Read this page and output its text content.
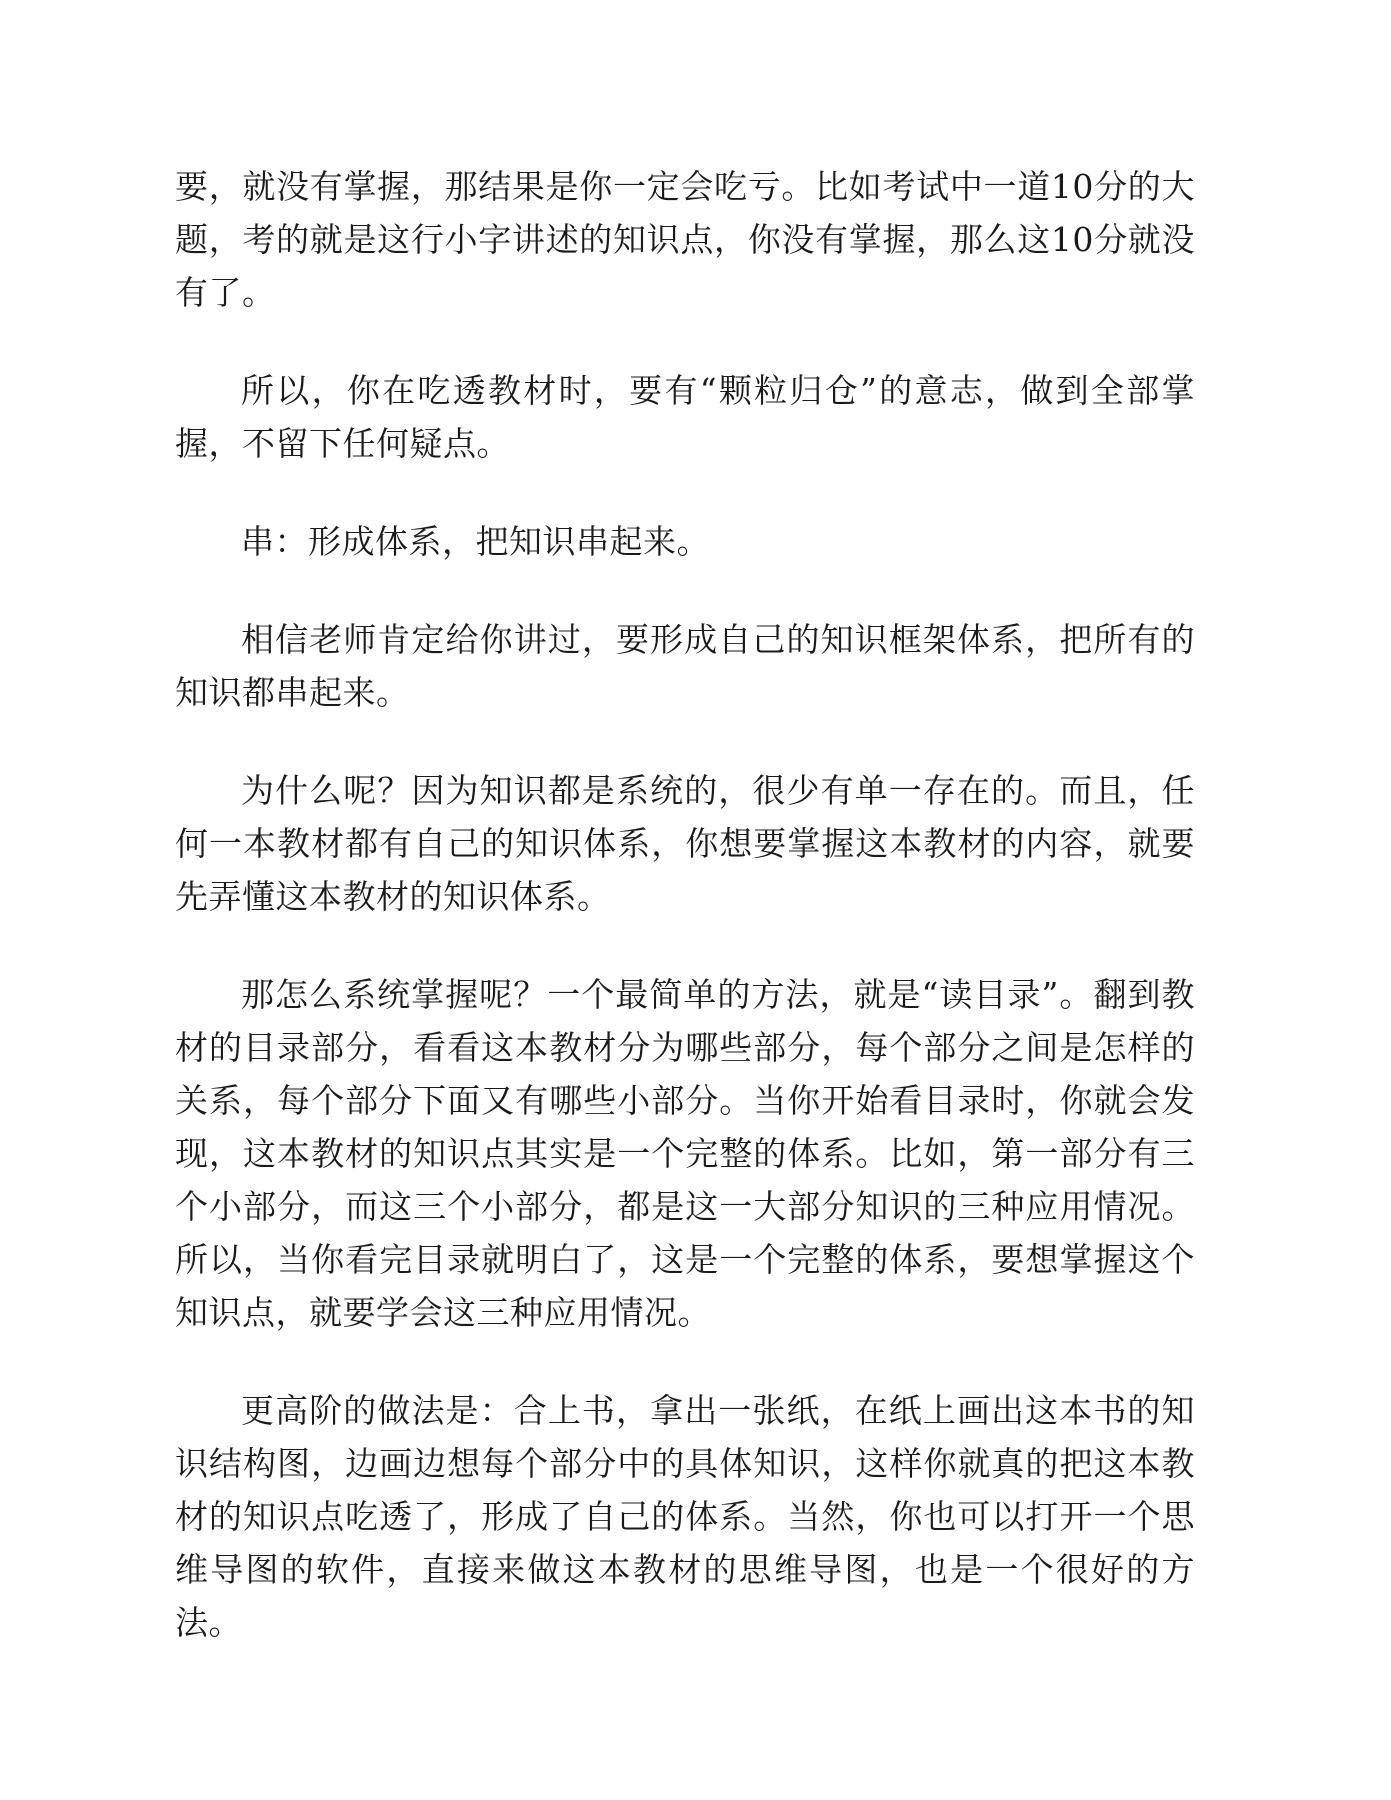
要，就没有掌握，那结果是你一定会吃亏。比如考试中一道10分的大题，考的就是这行小字讲述的知识点，你没有掌握，那么这10分就没有了。

所以，你在吃透教材时，要有“颗粒归仓”的意志，做到全部掌握，不留下任何疑点。

串：形成体系，把知识串起来。

相信老师肯定给你讲过，要形成自己的知识框架体系，把所有的知识都串起来。

为什么呢？因为知识都是系统的，很少有单一存在的。而且，任何一本教材都有自己的知识体系，你想要掌握这本教材的内容，就要先弄懂这本教材的知识体系。

那怎么系统掌握呢？一个最简单的方法，就是“读目录”。翻到教材的目录部分，看看这本教材分为哪些部分，每个部分之间是怎样的关系，每个部分下面又有哪些小部分。当你开始看目录时，你就会发现，这本教材的知识点其实是一个完整的体系。比如，第一部分有三个小部分，而这三个小部分，都是这一大部分知识的三种应用情况。所以，当你看完目录就明白了，这是一个完整的体系，要想掌握这个知识点，就要学会这三种应用情况。

更高阶的做法是：合上书，拿出一张纸，在纸上画出这本书的知识结构图，边画边想每个部分中的具体知识，这样你就真的把这本教材的知识点吃透了，形成了自己的体系。当然，你也可以打开一个思维导图的软件，直接来做这本教材的思维导图，也是一个很好的方法。
